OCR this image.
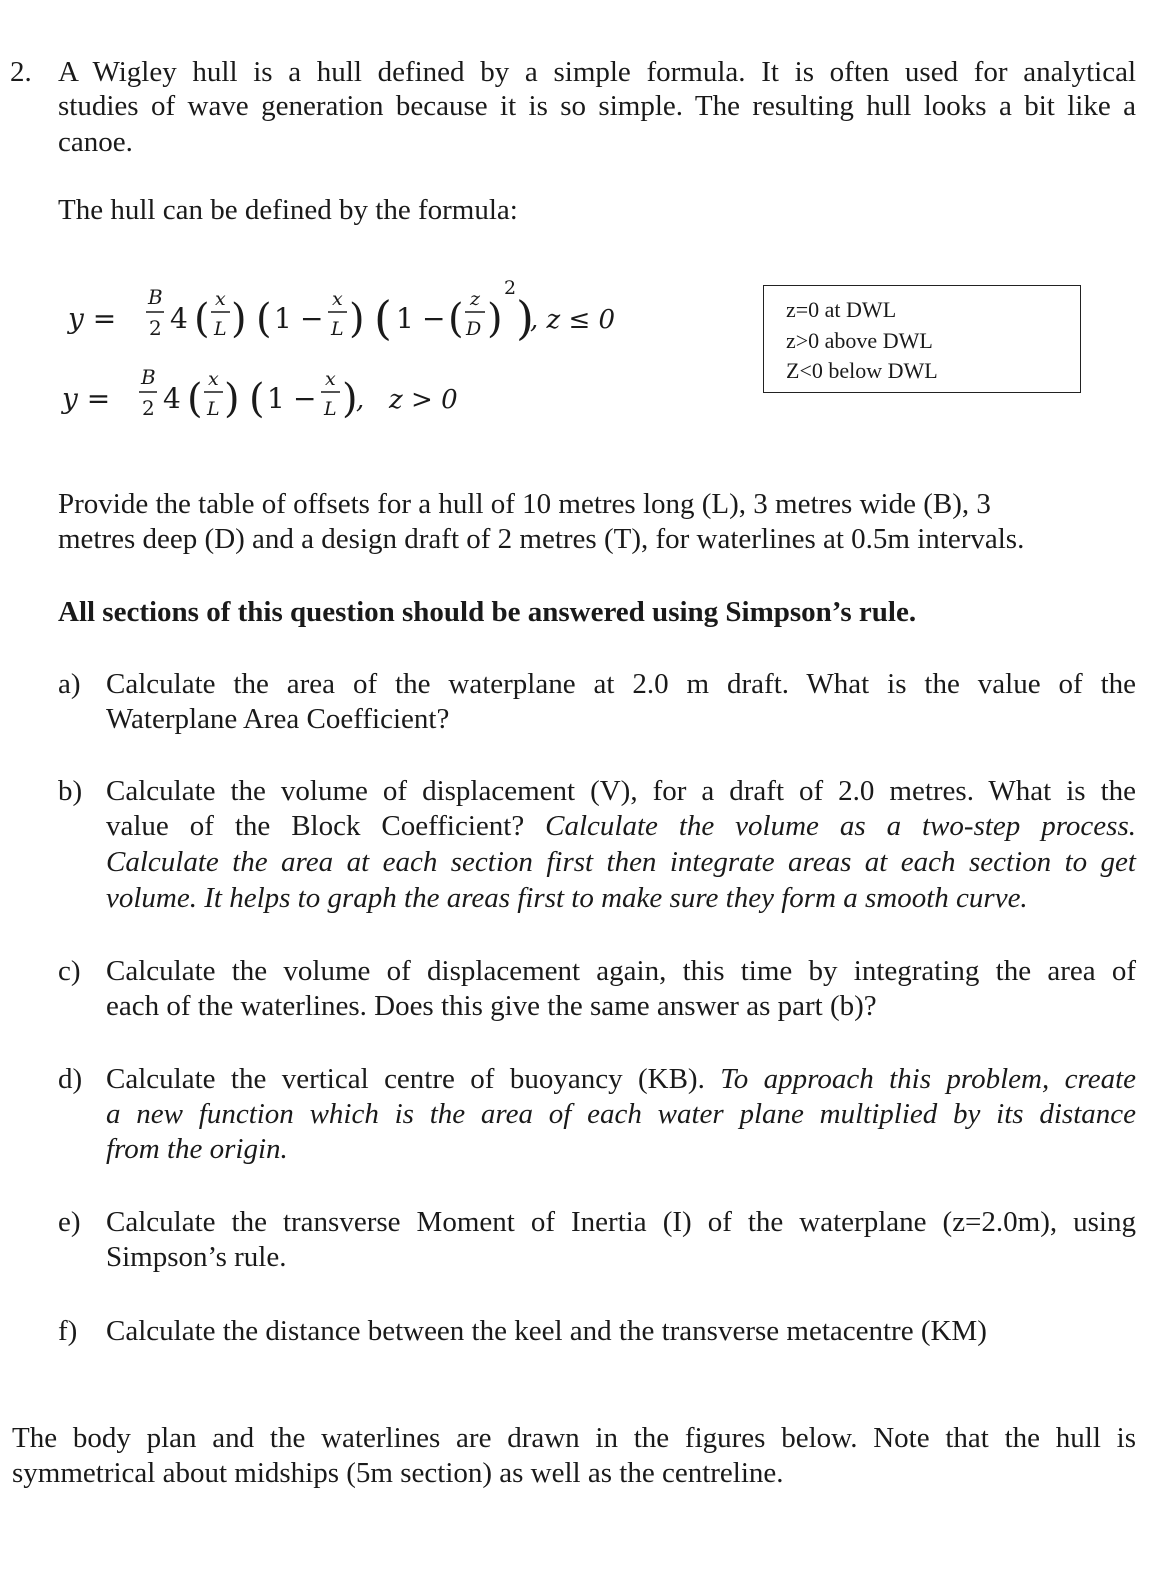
2. A Wigley hull is a hull defined by a simple formula. It is often used for analytical
studies of wave generation because it is so simple. The resulting hull looks a bit like a
canoe.
The hull can be defined by the formula:
y =
B
2 4 ( x
L ) ( 1 −
x
L ) ( 1 − ( z
D )
2
)
, z ≤ 0
y =
B
2 4 ( x
L ) ( 1 −
x
L )
,   z > 0
z=0 at DWL
z>0 above DWL
Z<0 below DWL
Provide the table of offsets for a hull of 10 metres long (L), 3 metres wide (B), 3
metres deep (D) and a design draft of 2 metres (T), for waterlines at 0.5m intervals.
All sections of this question should be answered using Simpson’s rule.
a) Calculate the area of the waterplane at 2.0 m draft. What is the value of the
Waterplane Area Coefficient?
b) Calculate the volume of displacement (V), for a draft of 2.0 metres. What is the
value of the Block Coefficient? Calculate the volume as a two-step process.
Calculate the area at each section first then integrate areas at each section to get
volume. It helps to graph the areas first to make sure they form a smooth curve.
c) Calculate the volume of displacement again, this time by integrating the area of
each of the waterlines. Does this give the same answer as part (b)?
d) Calculate the vertical centre of buoyancy (KB). To approach this problem, create
a new function which is the area of each water plane multiplied by its distance
from the origin.
e) Calculate the transverse Moment of Inertia (I) of the waterplane (z=2.0m), using
Simpson’s rule.
f) Calculate the distance between the keel and the transverse metacentre (KM)
The body plan and the waterlines are drawn in the figures below. Note that the hull is
symmetrical about midships (5m section) as well as the centreline.
